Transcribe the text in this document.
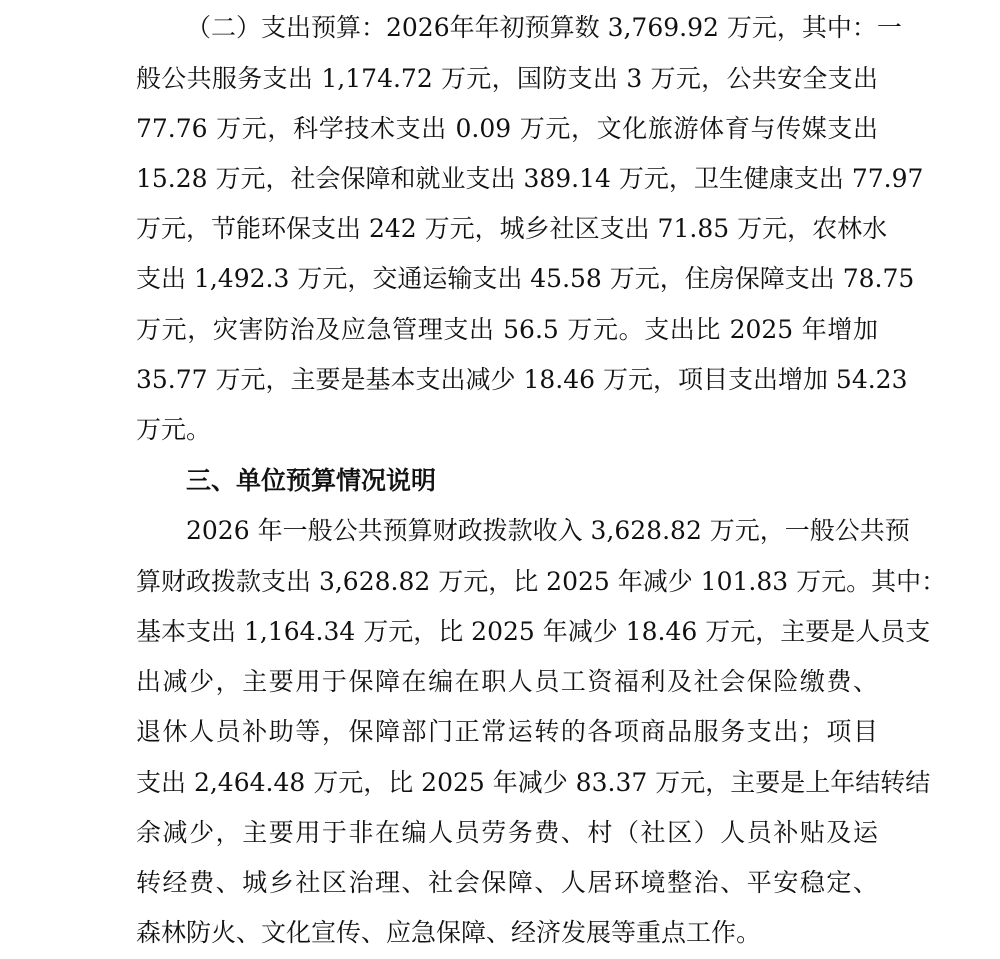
（二）支出预算：2026年年初预算数 3,769.92 万元，其中：一
般公共服务支出 1,174.72 万元，国防支出 3 万元，公共安全支出
77.76 万元，科学技术支出 0.09 万元，文化旅游体育与传媒支出
15.28 万元，社会保障和就业支出 389.14 万元，卫生健康支出 77.97
万元，节能环保支出 242 万元，城乡社区支出 71.85 万元，农林水
支出 1,492.3 万元，交通运输支出 45.58 万元，住房保障支出 78.75
万元，灾害防治及应急管理支出 56.5 万元。支出比 2025 年增加
35.77 万元，主要是基本支出减少 18.46 万元，项目支出增加 54.23
万元。
三、单位预算情况说明
2026 年一般公共预算财政拨款收入 3,628.82 万元，一般公共预
算财政拨款支出 3,628.82 万元，比 2025 年减少 101.83 万元。其中：
基本支出 1,164.34 万元，比 2025 年减少 18.46 万元，主要是人员支
出减少，主要用于保障在编在职人员工资福利及社会保险缴费、
退休人员补助等，保障部门正常运转的各项商品服务支出；项目
支出 2,464.48 万元，比 2025 年减少 83.37 万元，主要是上年结转结
余减少，主要用于非在编人员劳务费、村（社区）人员补贴及运
转经费、城乡社区治理、社会保障、人居环境整治、平安稳定、
森林防火、文化宣传、应急保障、经济发展等重点工作。
